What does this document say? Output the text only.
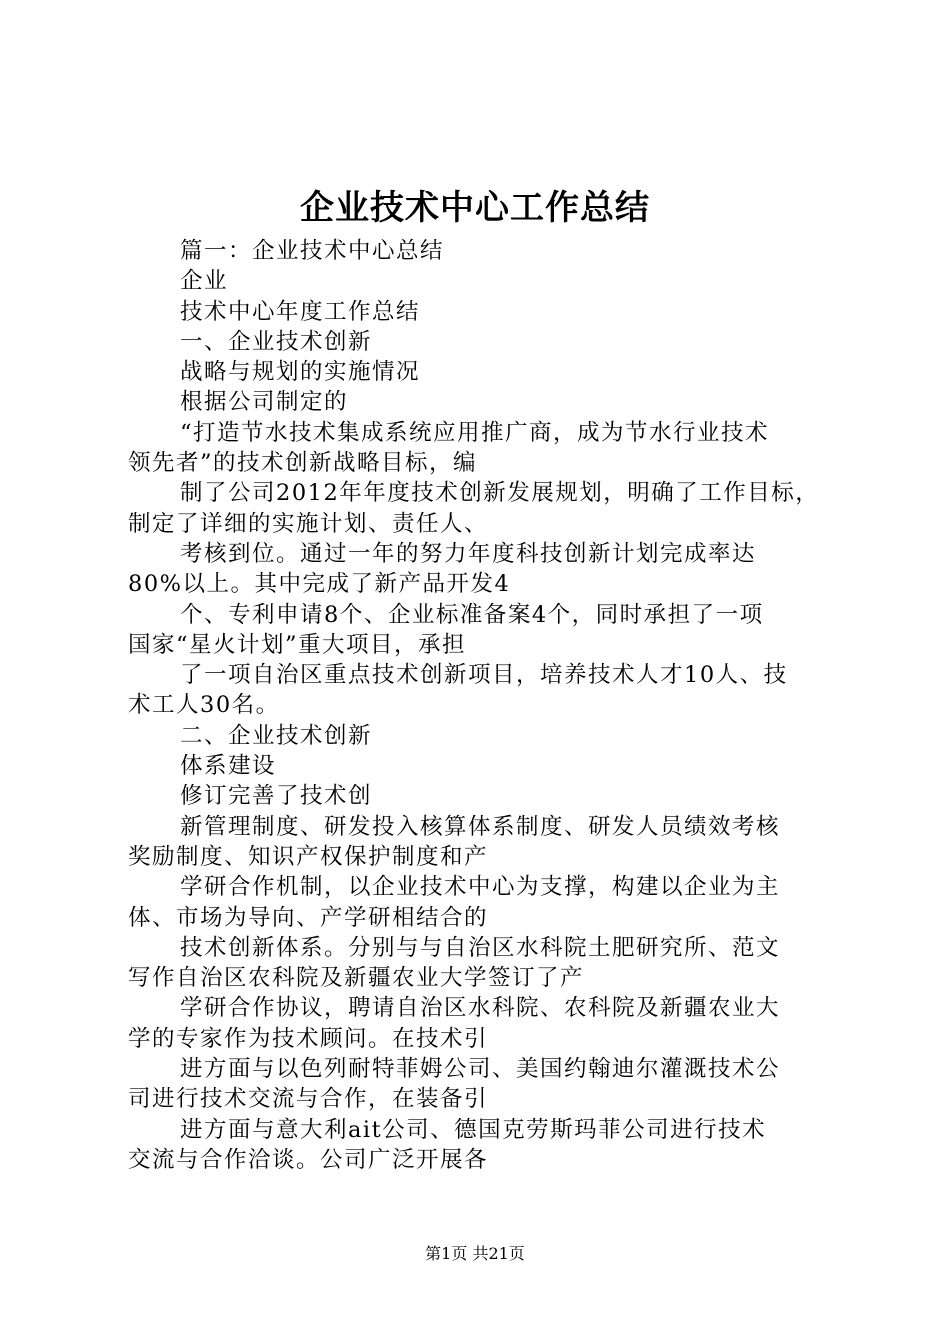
企业技术中心工作总结
篇一：企业技术中心总结
企业
技术中心年度工作总结
一、企业技术创新
战略与规划的实施情况
根据公司制定的
“打造节水技术集成系统应用推广商，成为节水行业技术
领先者”的技术创新战略目标，编
制了公司2012年年度技术创新发展规划，明确了工作目标，
制定了详细的实施计划、责任人、
考核到位。通过一年的努力年度科技创新计划完成率达
80%以上。其中完成了新产品开发4
个、专利申请8个、企业标准备案4个，同时承担了一项
国家“星火计划”重大项目，承担
了一项自治区重点技术创新项目，培养技术人才10人、技
术工人30名。
二、企业技术创新
体系建设
修订完善了技术创
新管理制度、研发投入核算体系制度、研发人员绩效考核
奖励制度、知识产权保护制度和产
学研合作机制，以企业技术中心为支撑，构建以企业为主
体、市场为导向、产学研相结合的
技术创新体系。分别与与自治区水科院土肥研究所、范文
写作自治区农科院及新疆农业大学签订了产
学研合作协议，聘请自治区水科院、农科院及新疆农业大
学的专家作为技术顾问。在技术引
进方面与以色列耐特菲姆公司、美国约翰迪尔灌溉技术公
司进行技术交流与合作，在装备引
进方面与意大利ait公司、德国克劳斯玛菲公司进行技术
交流与合作洽谈。公司广泛开展各
第1页 共21页
